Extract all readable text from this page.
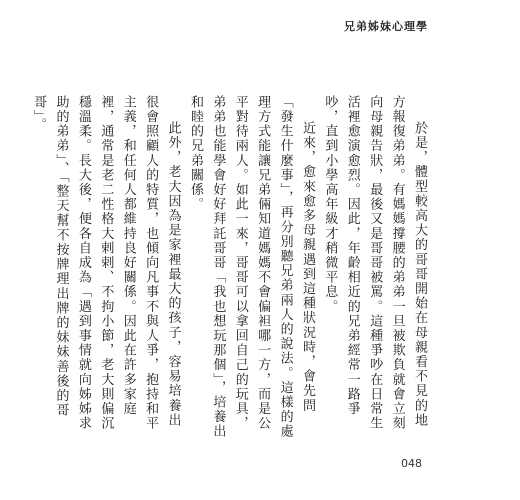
兄弟姊妹心理學

於是，體型較高大的哥哥開始在母親看不見的地方報復弟弟。有媽媽撐腰的弟弟一旦被欺負就會立刻向母親告狀，最後又是哥哥被罵。這種爭吵在日常生活裡愈演愈烈。因此，年齡相近的兄弟經常一路爭吵，直到小學高年級才稍微平息。

近來，愈來愈多母親遇到這種狀況時，會先問「發生什麼事」，再分別聽兄弟兩人的說法。這樣的處理方式能讓兄弟倆知道媽媽不會偏袒哪一方，而是公平對待兩人。如此一來，哥哥可以拿回自己的玩具，弟弟也能學會好好拜託哥哥「我也想玩那個」，培養出和睦的兄弟關係。

此外，老大因為是家裡最大的孩子，容易培養出很會照顧人的特質，也傾向凡事不與人爭，抱持和平主義，和任何人都維持良好關係。因此在許多家庭裡，通常是老二性格大剌剌、不拘小節，老大則偏沉穩溫柔。長大後，便各自成為「遇到事情就向姊姊求助的弟弟」、「整天幫不按牌理出牌的妹妹善後的哥哥」。

048
